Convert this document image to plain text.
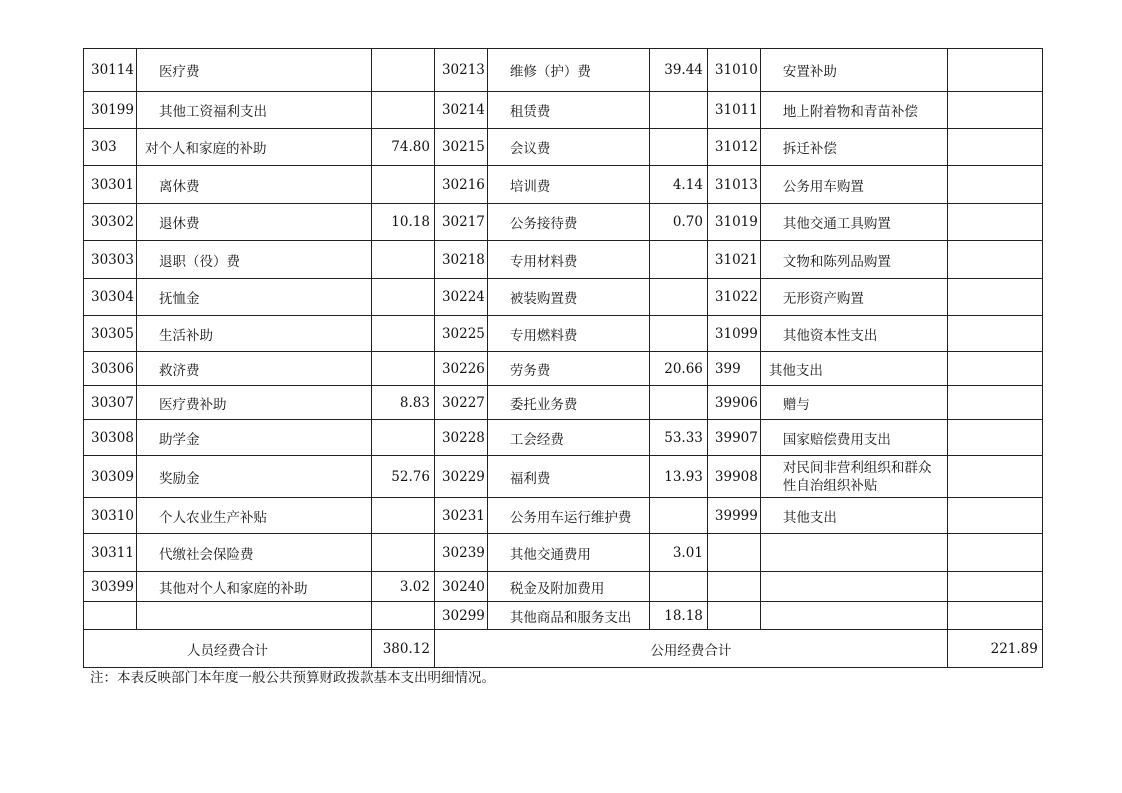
30114	医疗费		30213	维修（护）费	39.44	31010	安置补助	
30199	其他工资福利支出		30214	租赁费		31011	地上附着物和青苗补偿	
303	对个人和家庭的补助	74.80	30215	会议费		31012	拆迁补偿	
30301	离休费		30216	培训费	4.14	31013	公务用车购置	
30302	退休费	10.18	30217	公务接待费	0.70	31019	其他交通工具购置	
30303	退职（役）费		30218	专用材料费		31021	文物和陈列品购置	
30304	抚恤金		30224	被装购置费		31022	无形资产购置	
30305	生活补助		30225	专用燃料费		31099	其他资本性支出	
30306	救济费		30226	劳务费	20.66	399	其他支出	
30307	医疗费补助	8.83	30227	委托业务费		39906	赠与	
30308	助学金		30228	工会经费	53.33	39907	国家赔偿费用支出	
30309	奖励金	52.76	30229	福利费	13.93	39908	对民间非营利组织和群众性自治组织补贴	
30310	个人农业生产补贴		30231	公务用车运行维护费		39999	其他支出	
30311	代缴社会保险费		30239	其他交通费用	3.01			
30399	其他对个人和家庭的补助	3.02	30240	税金及附加费用				
			30299	其他商品和服务支出	18.18			
人员经费合计		380.12	公用经费合计					221.89
注：本表反映部门本年度一般公共预算财政拨款基本支出明细情况。
